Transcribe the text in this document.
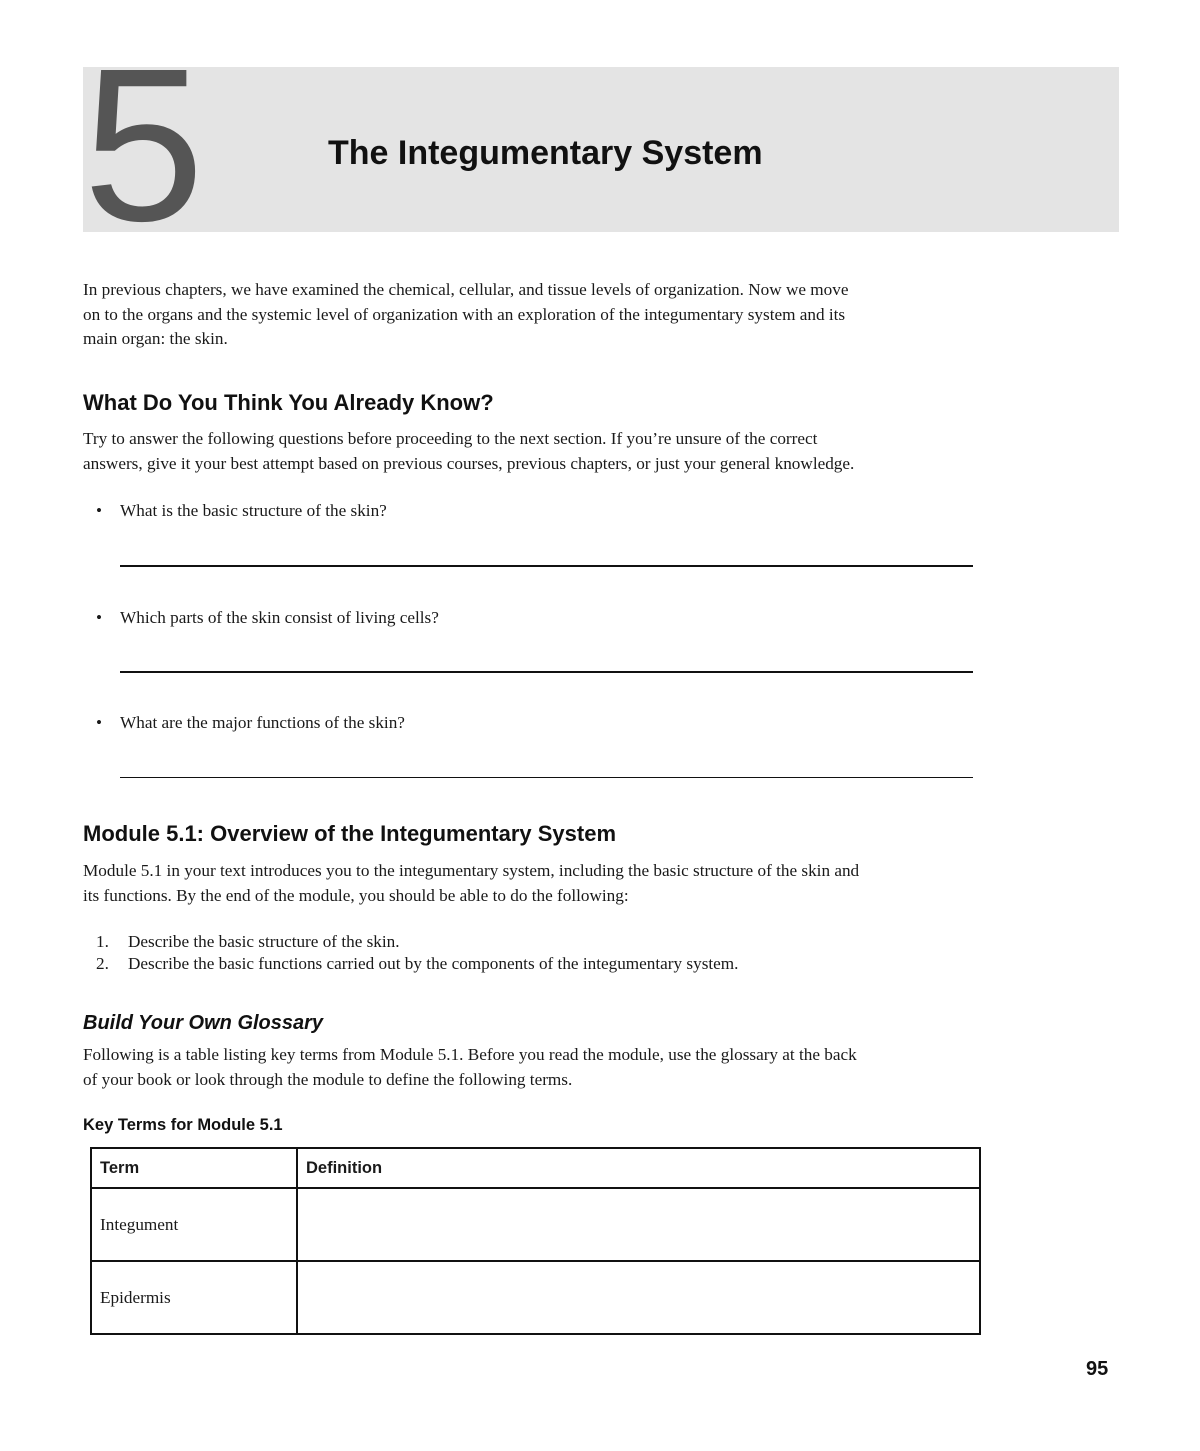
5	The Integumentary System
In previous chapters, we have examined the chemical, cellular, and tissue levels of organization. Now we move
on to the organs and the systemic level of organization with an exploration of the integumentary system and its
main organ: the skin.
What Do You Think You Already Know?
Try to answer the following questions before proceeding to the next section. If you’re unsure of the correct
answers, give it your best attempt based on previous courses, previous chapters, or just your general knowledge.
• What is the basic structure of the skin?
• Which parts of the skin consist of living cells?
• What are the major functions of the skin?
Module 5.1: Overview of the Integumentary System
Module 5.1 in your text introduces you to the integumentary system, including the basic structure of the skin and
its functions. By the end of the module, you should be able to do the following:
1. Describe the basic structure of the skin.
2. Describe the basic functions carried out by the components of the integumentary system.
Build Your Own Glossary
Following is a table listing key terms from Module 5.1. Before you read the module, use the glossary at the back
of your book or look through the module to define the following terms.
Key Terms for Module 5.1
Term	Definition
Integument	
Epidermis	
95
